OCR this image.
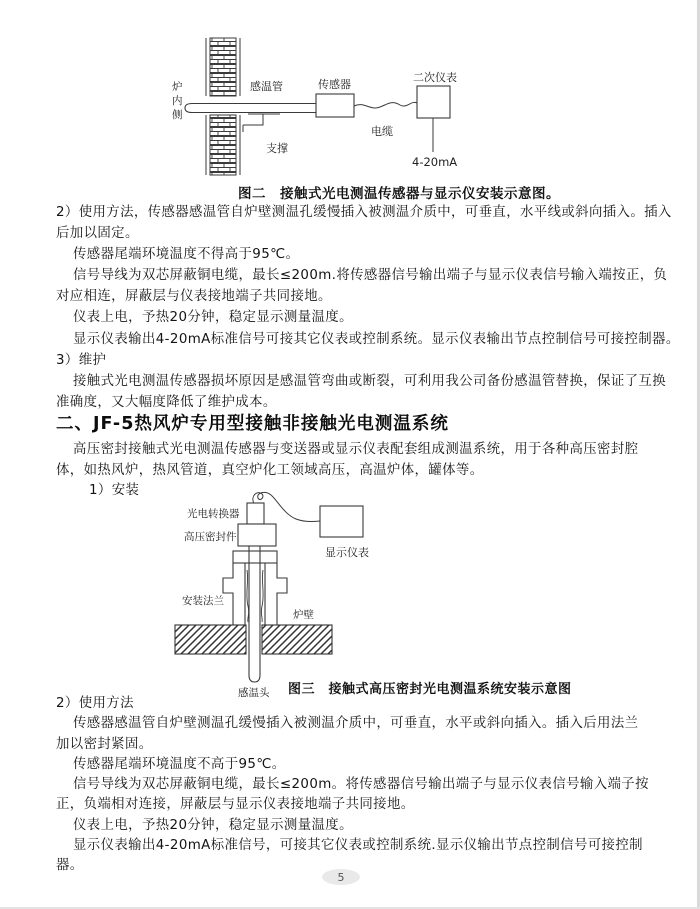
炉
内
侧
感温管
支撑
传感器
电缆
二次仪表
4-20mA
图二　接触式光电测温传感器与显示仪安装示意图。
2）使用方法，传感器感温管自炉壁测温孔缓慢插入被测温介质中，可垂直，水平线或斜向插入。插入
后加以固定。
传感器尾端环境温度不得高于95℃。
信号导线为双芯屏蔽铜电缆，最长≤200m.将传感器信号输出端子与显示仪表信号输入端按正，负
对应相连，屏蔽层与仪表接地端子共同接地。
仪表上电，予热20分钟，稳定显示测量温度。
显示仪表输出4-20mA标准信号可接其它仪表或控制系统。显示仪表输出节点控制信号可接控制器。
3）维护
接触式光电测温传感器损坏原因是感温管弯曲或断裂，可利用我公司备份感温管替换，保证了互换
准确度，又大幅度降低了维护成本。
二、JF-5热风炉专用型接触非接触光电测温系统
高压密封接触式光电测温传感器与变送器或显示仪表配套组成测温系统，用于各种高压密封腔
体，如热风炉，热风管道，真空炉化工领域高压，高温炉体，罐体等。
1）安装
光电转换器
显示仪表
高压密封件
安装法兰
炉壁
感温头 图三　接触式高压密封光电测温系统安装示意图
2）使用方法
传感器感温管自炉壁测温孔缓慢插入被测温介质中，可垂直，水平或斜向插入。插入后用法兰
加以密封紧固。
传感器尾端环境温度不高于95℃。
信号导线为双芯屏蔽铜电缆，最长≤200m。将传感器信号输出端子与显示仪表信号输入端子按
正，负端相对连接，屏蔽层与显示仪表接地端子共同接地。
仪表上电，予热20分钟，稳定显示测量温度。
显示仪表输出4-20mA标准信号，可接其它仪表或控制系统.显示仪输出节点控制信号可接控制
器。
5
